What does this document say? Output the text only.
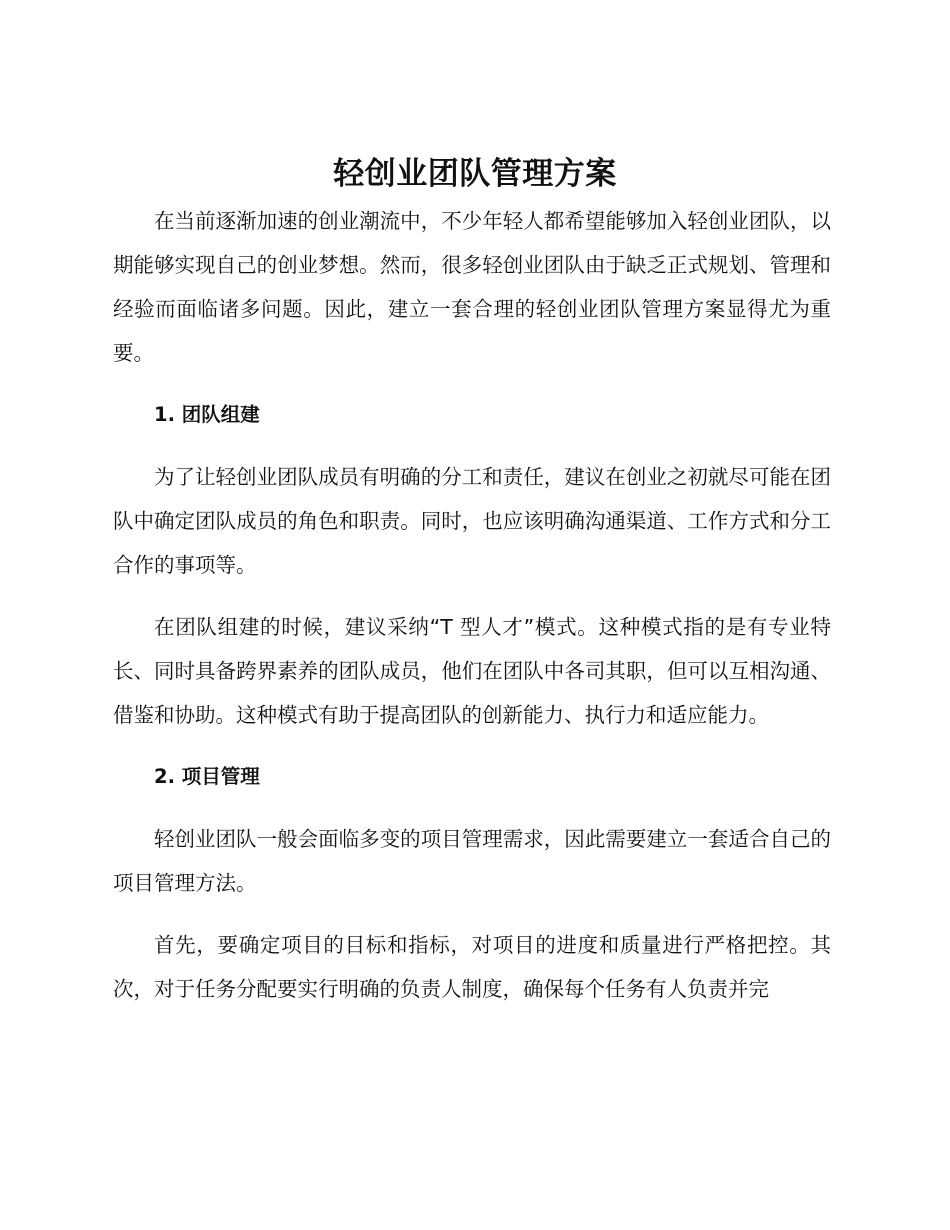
轻创业团队管理方案

在当前逐渐加速的创业潮流中，不少年轻人都希望能够加入轻创业团队，以期能够实现自己的创业梦想。然而，很多轻创业团队由于缺乏正式规划、管理和经验而面临诸多问题。因此，建立一套合理的轻创业团队管理方案显得尤为重要。

1. 团队组建

为了让轻创业团队成员有明确的分工和责任，建议在创业之初就尽可能在团队中确定团队成员的角色和职责。同时，也应该明确沟通渠道、工作方式和分工合作的事项等。

在团队组建的时候，建议采纳“T 型人才”模式。这种模式指的是有专业特长、同时具备跨界素养的团队成员，他们在团队中各司其职，但可以互相沟通、借鉴和协助。这种模式有助于提高团队的创新能力、执行力和适应能力。

2. 项目管理

轻创业团队一般会面临多变的项目管理需求，因此需要建立一套适合自己的项目管理方法。

首先，要确定项目的目标和指标，对项目的进度和质量进行严格把控。其次，对于任务分配要实行明确的负责人制度，确保每个任务有人负责并完
